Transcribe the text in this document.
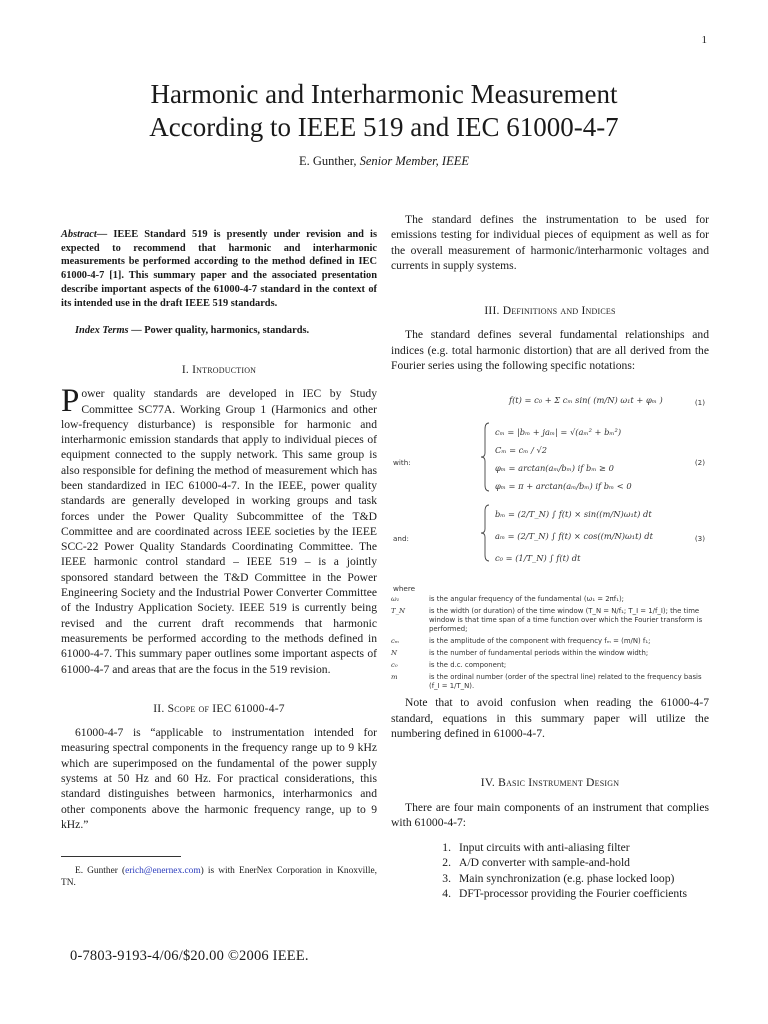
1
Harmonic and Interharmonic Measurement
According to IEEE 519 and IEC 61000-4-7
E. Gunther, Senior Member, IEEE

Abstract— IEEE Standard 519 is presently under revision and is expected to recommend that harmonic and interharmonic measurements be performed according to the method defined in IEC 61000-4-7 [1]. This summary paper and the associated presentation describe important aspects of the 61000-4-7 standard in the context of its intended use in the draft IEEE 519 standards.

Index Terms — Power quality, harmonics, standards.

I. Introduction

Power quality standards are developed in IEC by Study Committee SC77A. Working Group 1 (Harmonics and other low-frequency disturbance) is responsible for harmonic and interharmonic emission standards that apply to individual pieces of equipment connected to the supply network. This same group is also responsible for defining the method of measurement which has been standardized in IEC 61000-4-7. In the IEEE, power quality standards are generally developed in working groups and task forces under the Power Quality Subcommittee of the T&D Committee and are coordinated across IEEE societies by the IEEE SCC-22 Power Quality Standards Coordinating Committee. The IEEE harmonic control standard – IEEE 519 – is a jointly sponsored standard between the T&D Committee in the Power Engineering Society and the Industrial Power Converter Committee of the Industry Application Society. IEEE 519 is currently being revised and the current draft recommends that harmonic measurements be performed according to the methods defined in 61000-4-7. This summary paper outlines some important aspects of 61000-4-7 and areas that are the focus in the 519 revision.

II. Scope of IEC 61000-4-7

61000-4-7 is “applicable to instrumentation intended for measuring spectral components in the frequency range up to 9 kHz which are superimposed on the fundamental of the power supply systems at 50 Hz and 60 Hz. For practical considerations, this standard distinguishes between harmonics, interharmonics and other components above the harmonic frequency range, up to 9 kHz.”

E. Gunther (erich@enernex.com) is with EnerNex Corporation in Knoxville, TN.

The standard defines the instrumentation to be used for emissions testing for individual pieces of equipment as well as for the overall measurement of harmonic/interharmonic voltages and currents in supply systems.

III. Definitions and Indices

The standard defines several fundamental relationships and indices (e.g. total harmonic distortion) that are all derived from the Fourier series using the following specific notations:

f(t) = c₀ + Σ cₘ sin( (m/N) ω₁t + φₘ )	(1)
with:
cₘ = |bₘ + jaₘ| = √(aₘ² + bₘ²)
Cₘ = cₘ / √2
φₘ = arctan(aₘ/bₘ) if bₘ ≥ 0
φₘ = π + arctan(aₘ/bₘ) if bₘ < 0
(2)
and:
bₘ = (2/T_N) ∫ f(t) × sin((m/N)ω₁t) dt
aₘ = (2/T_N) ∫ f(t) × cos((m/N)ω₁t) dt
c₀ = (1/T_N) ∫ f(t) dt
(3)
where
ω₁	is the angular frequency of the fundamental (ω₁ = 2πf₁);
T_N	is the width (or duration) of the time window (T_N = N/f₁; T_I = 1/f_I); the time window is that time span of a time function over which the Fourier transform is performed;
cₘ	is the amplitude of the component with frequency fₘ = (m/N) f₁;
N	is the number of fundamental periods within the window width;
c₀	is the d.c. component;
m	is the ordinal number (order of the spectral line) related to the frequency basis (f_I = 1/T_N).

Note that to avoid confusion when reading the 61000-4-7 standard, equations in this summary paper will utilize the numbering defined in 61000-4-7.

IV. Basic Instrument Design

There are four main components of an instrument that complies with 61000-4-7:

1. Input circuits with anti-aliasing filter
2. A/D converter with sample-and-hold
3. Main synchronization (e.g. phase locked loop)
4. DFT-processor providing the Fourier coefficients
0-7803-9193-4/06/$20.00 ©2006 IEEE.
